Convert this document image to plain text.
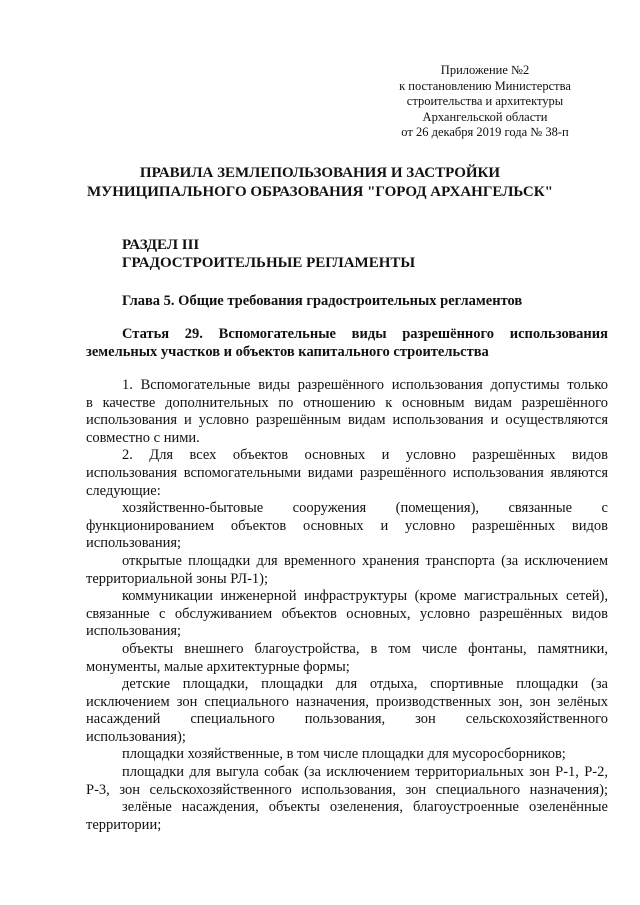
Приложение №2
к постановлению Министерства
строительства и архитектуры
Архангельской области
от 26 декабря 2019 года № 38-п
ПРАВИЛА ЗЕМЛЕПОЛЬЗОВАНИЯ И ЗАСТРОЙКИ
МУНИЦИПАЛЬНОГО ОБРАЗОВАНИЯ "ГОРОД АРХАНГЕЛЬСК"
РАЗДЕЛ III
ГРАДОСТРОИТЕЛЬНЫЕ РЕГЛАМЕНТЫ
Глава 5. Общие требования градостроительных регламентов
Статья 29. Вспомогательные виды разрешённого использования
земельных участков и объектов капитального строительства
1. Вспомогательные виды разрешённого использования допустимы только
в качестве дополнительных по отношению к основным видам разрешённого
использования и условно разрешённым видам использования и осуществляются
совместно с ними.
2. Для всех объектов основных и условно разрешённых видов
использования вспомогательными видами разрешённого использования являются
следующие:
хозяйственно-бытовые сооружения (помещения), связанные с
функционированием объектов основных и условно разрешённых видов
использования;
открытые площадки для временного хранения транспорта (за исключением
территориальной зоны РЛ-1);
коммуникации инженерной инфраструктуры (кроме магистральных сетей),
связанные с обслуживанием объектов основных, условно разрешённых видов
использования;
объекты внешнего благоустройства, в том числе фонтаны, памятники,
монументы, малые архитектурные формы;
детские площадки, площадки для отдыха, спортивные площадки (за
исключением зон специального назначения, производственных зон, зон зелёных
насаждений специального пользования, зон сельскохозяйственного
использования);
площадки хозяйственные, в том числе площадки для мусоросборников;
площадки для выгула собак (за исключением территориальных зон Р-1, Р-2,
Р-3, зон сельскохозяйственного использования, зон специального назначения);
зелёные насаждения, объекты озеленения, благоустроенные озеленённые
территории;
